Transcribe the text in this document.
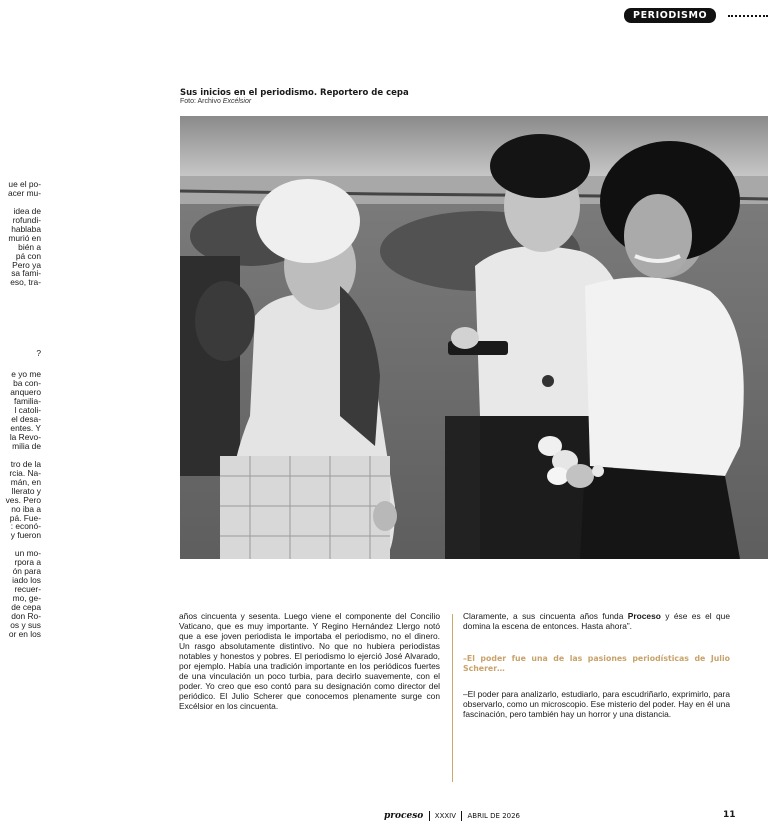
PERIODISMO

ue el po-
acer mu-

idea de
rofundi-
hablaba
murió en
bién a
pá con
Pero ya
sa fami-
eso, tra-

?

e yo me
ba con-
anquero
familia-
l catoli-
el desa-
entes. Y
la Revo-
milia de

tro de la
rcia. Na-
mán, en
llerato y
ves. Pero
no iba a
pá. Fue-
: econó-
y fueron

un mo-
rpora a
ón para
iado los
recuer-
mo, ge-
de cepa
don Ro-
os y sus
or en los

Sus inicios en el periodismo. Reportero de cepa
Foto: Archivo Excélsior

años cincuenta y sesenta. Luego viene el componente del Concilio Vaticano, que es muy importante. Y Regino Hernández Llergo notó que a ese joven periodista le importaba el periodismo, no el dinero. Un rasgo absolutamente distintivo. No que no hubiera periodistas notables y honestos y pobres. El periodismo lo ejerció José Alvarado, por ejemplo. Había una tradición importante en los periódicos fuertes de una vinculación un poco turbia, para decirlo suavemente, con el poder. Yo creo que eso contó para su designación como director del periódico. El Julio Scherer que conocemos plenamente surge con Excélsior en los cincuenta.

Claramente, a sus cincuenta años funda Proceso y ése es el que domina la escena de entonces. Hasta ahora”.

–El poder fue una de las pasiones periodísticas de Julio Scherer…

–El poder para analizarlo, estudiarlo, para escudriñarlo, exprimirlo, para observarlo, como un microscopio. Ese misterio del poder. Hay en él una fascinación, pero también hay un horror y una distancia.

proceso XXXIV ABRIL DE 2026	11
